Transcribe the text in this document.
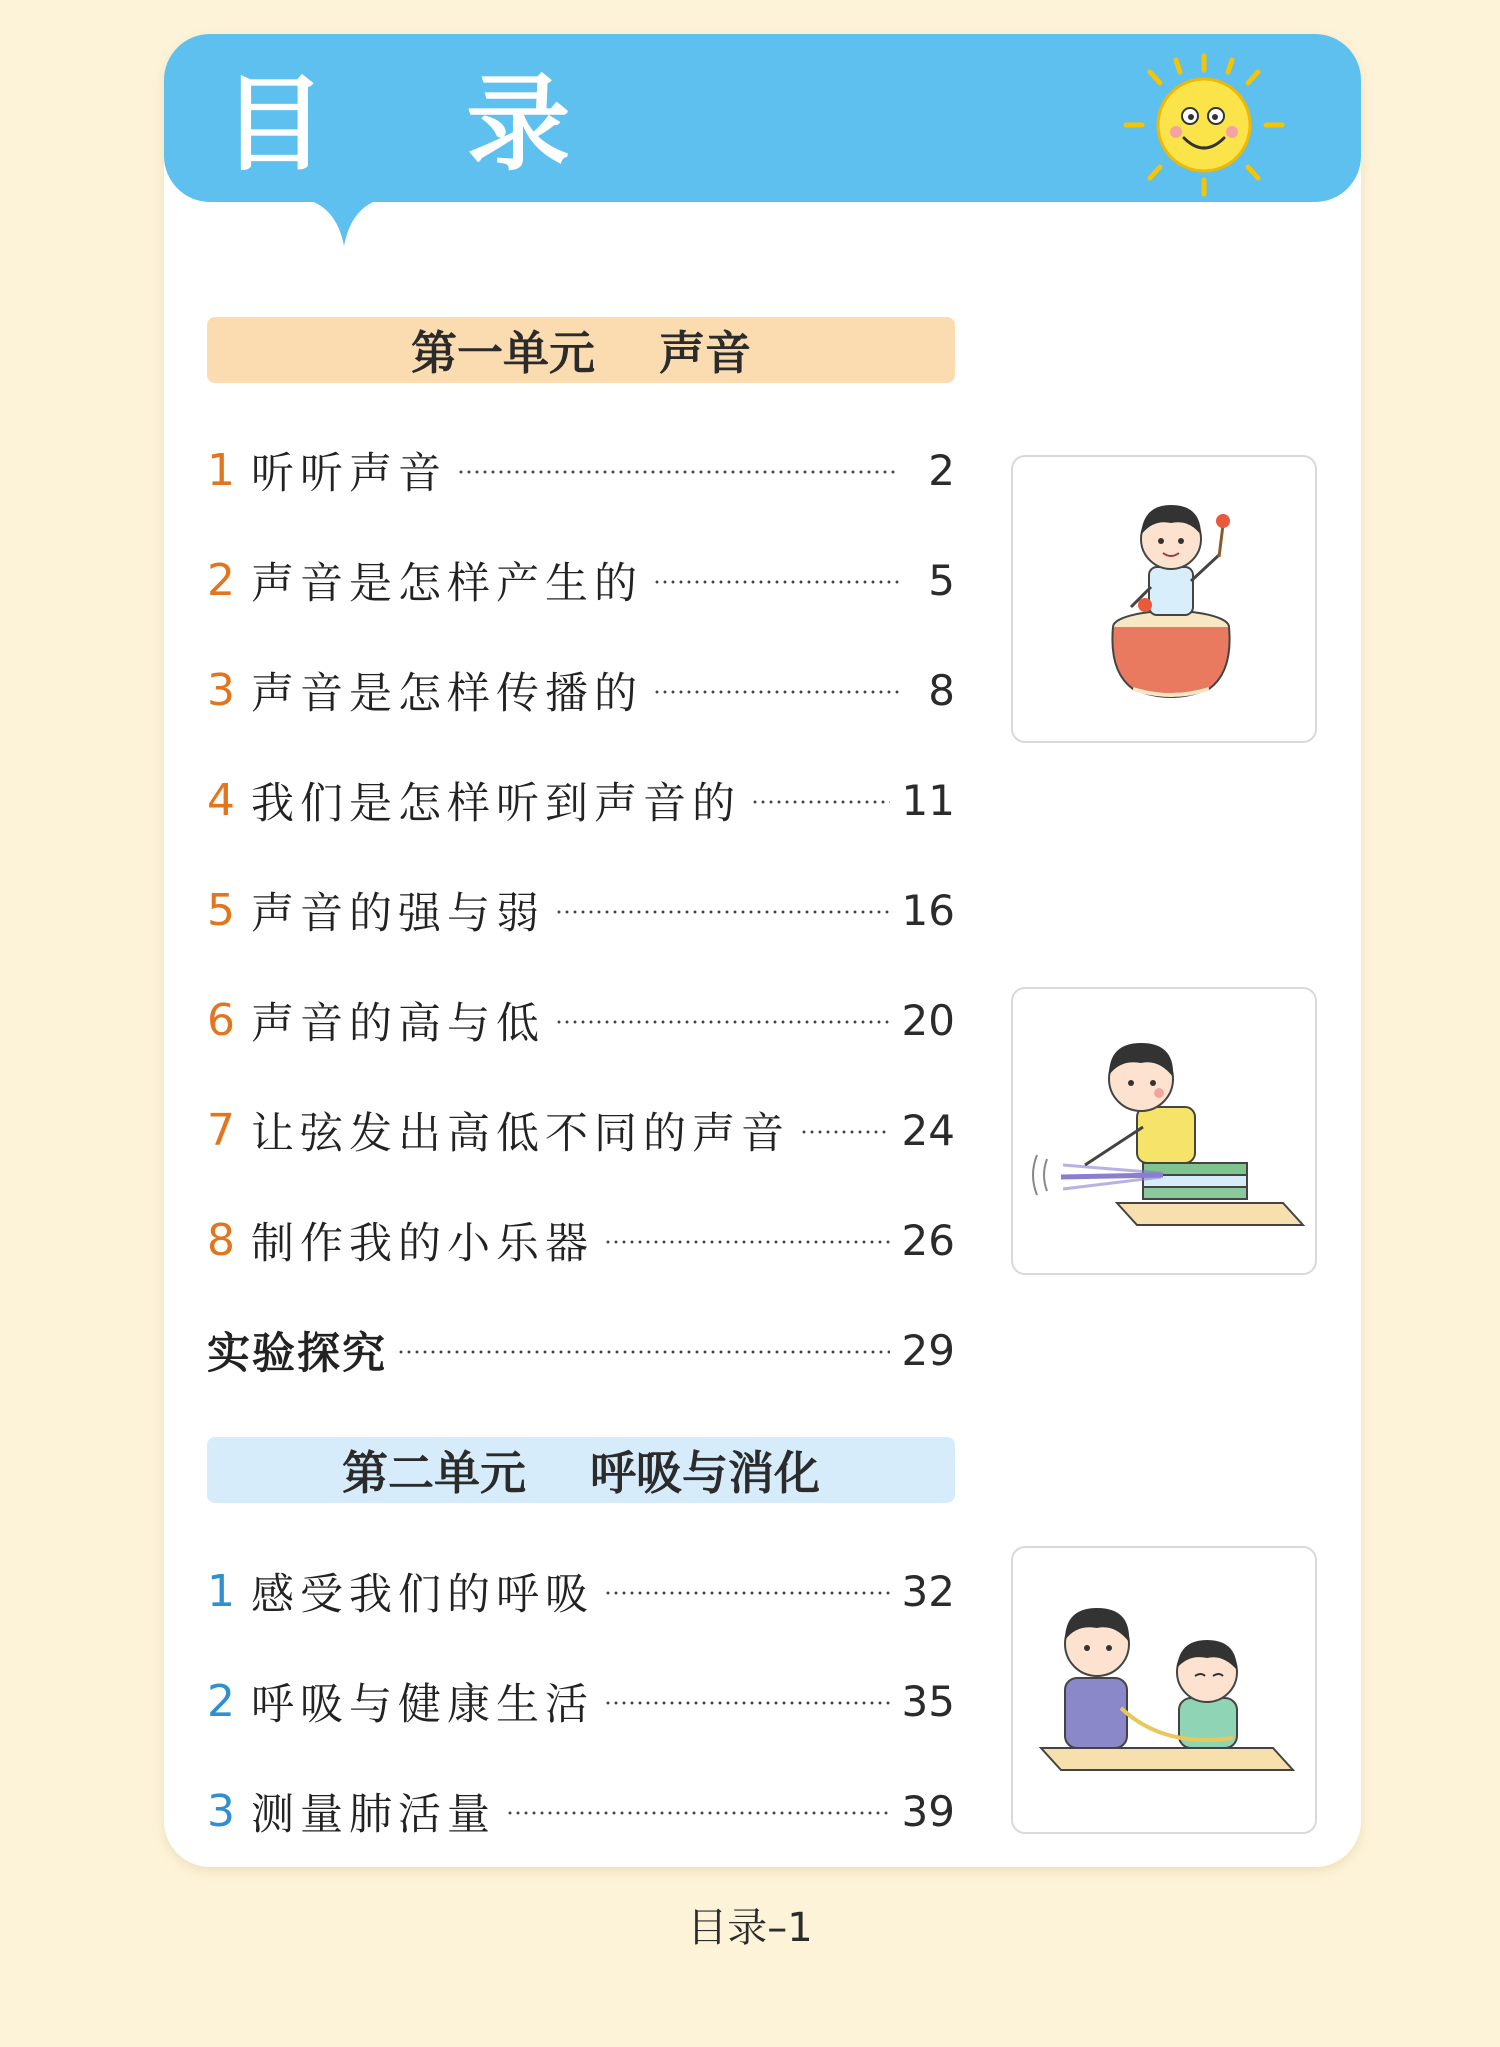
目 录
第一单元    声音
1 听听声音	2
2 声音是怎样产生的	5
3 声音是怎样传播的	8
4 我们是怎样听到声音的	11
5 声音的强与弱	16
6 声音的高与低	20
7 让弦发出高低不同的声音	24
8 制作我的小乐器	26
实验探究	29
第二单元    呼吸与消化
1 感受我们的呼吸	32
2 呼吸与健康生活	35
3 测量肺活量	39
目录–1
